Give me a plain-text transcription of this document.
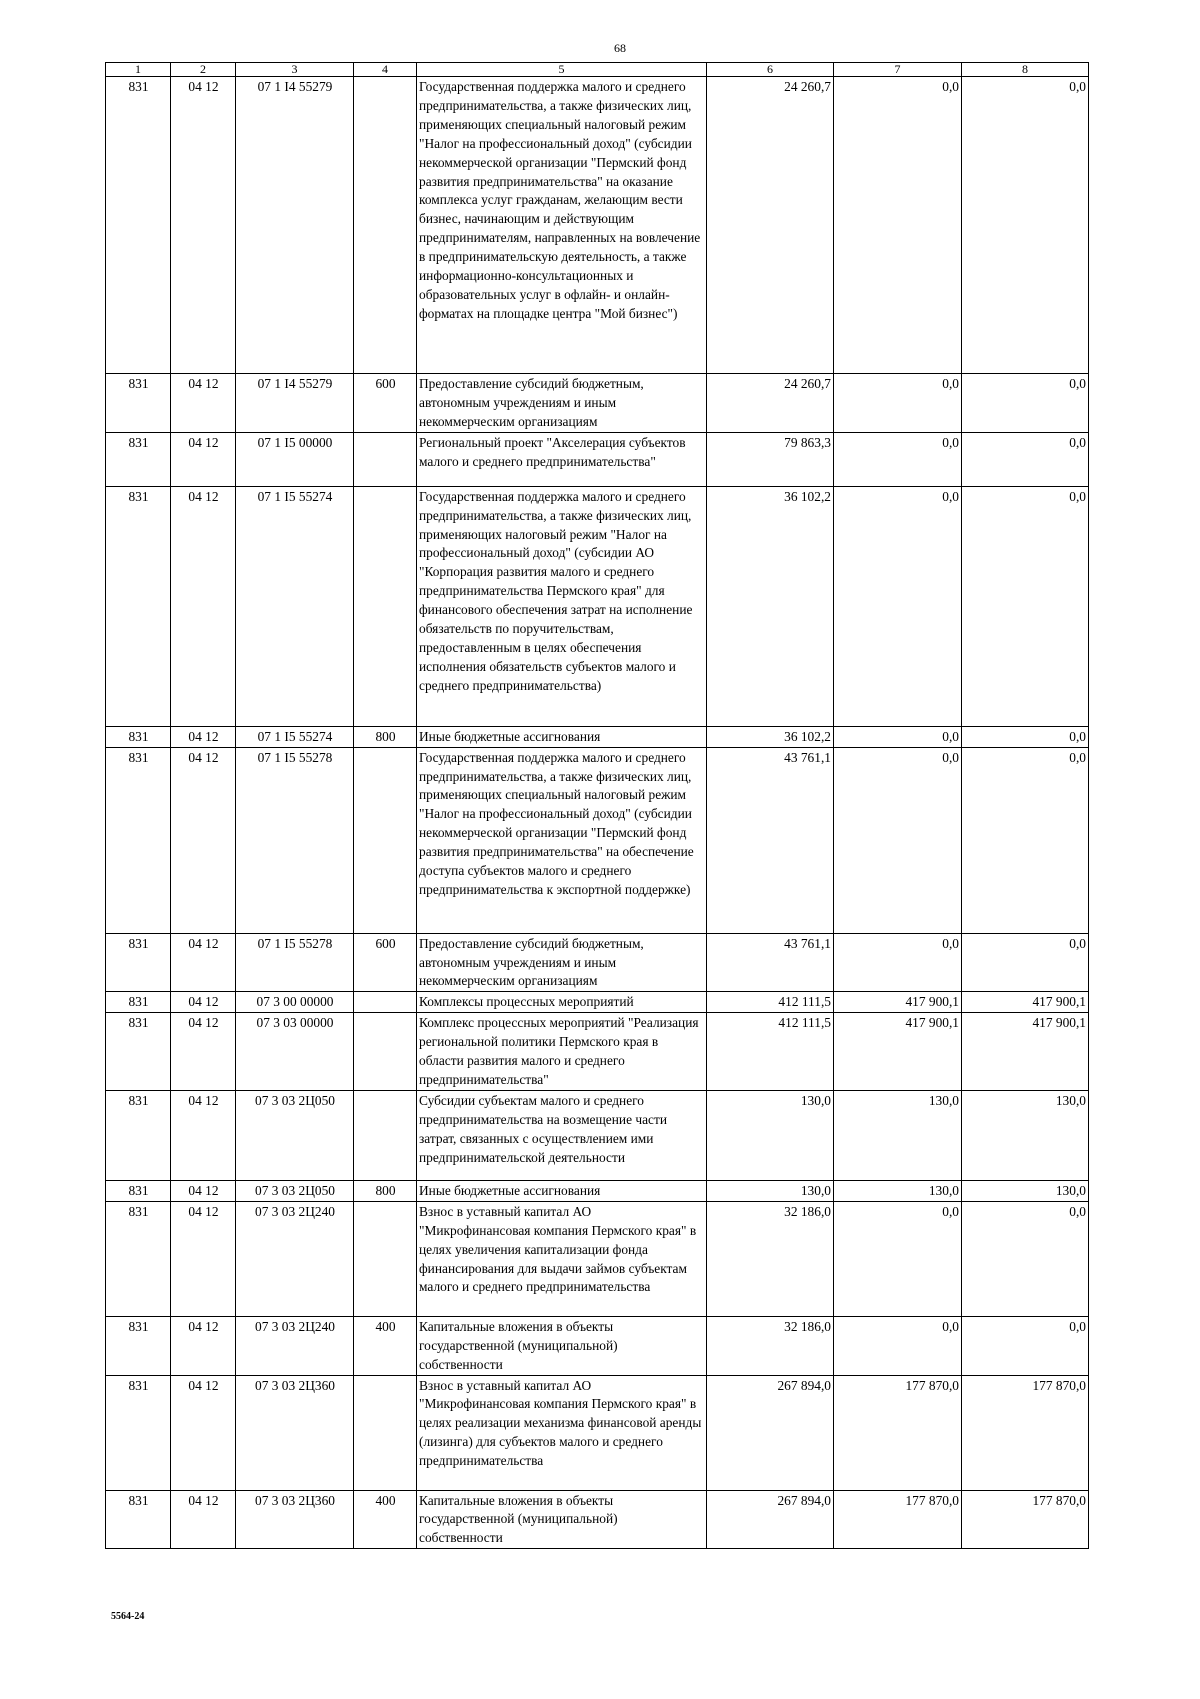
68
1	2	3	4	5	6	7	8
831	04 12	07 1 I4 55279		Государственная поддержка малого и среднего предпринимательства, а также физических лиц, применяющих специальный налоговый режим "Налог на профессиональный доход" (субсидии некоммерческой организации "Пермский фонд развития предпринимательства" на оказание комплекса услуг гражданам, желающим вести бизнес, начинающим и действующим предпринимателям, направленных на вовлечение в предпринимательскую деятельность, а также информационно-консультационных и образовательных услуг в офлайн- и онлайн-форматах на площадке центра "Мой бизнес")	24 260,7	0,0	0,0
831	04 12	07 1 I4 55279	600	Предоставление субсидий бюджетным, автономным учреждениям и иным некоммерческим организациям	24 260,7	0,0	0,0
831	04 12	07 1 I5 00000		Региональный проект "Акселерация субъектов малого и среднего предпринимательства"	79 863,3	0,0	0,0
831	04 12	07 1 I5 55274		Государственная поддержка малого и среднего предпринимательства, а также физических лиц, применяющих налоговый режим "Налог на профессиональный доход" (субсидии АО "Корпорация развития малого и среднего предпринимательства Пермского края" для финансового обеспечения затрат на исполнение обязательств по поручительствам, предоставленным в целях обеспечения исполнения обязательств субъектов малого и среднего предпринимательства)	36 102,2	0,0	0,0
831	04 12	07 1 I5 55274	800	Иные бюджетные ассигнования	36 102,2	0,0	0,0
831	04 12	07 1 I5 55278		Государственная поддержка малого и среднего предпринимательства, а также физических лиц, применяющих специальный налоговый режим "Налог на профессиональный доход" (субсидии некоммерческой организации "Пермский фонд развития предпринимательства" на обеспечение доступа субъектов малого и среднего предпринимательства к экспортной поддержке)	43 761,1	0,0	0,0
831	04 12	07 1 I5 55278	600	Предоставление субсидий бюджетным, автономным учреждениям и иным некоммерческим организациям	43 761,1	0,0	0,0
831	04 12	07 3 00 00000		Комплексы процессных мероприятий	412 111,5	417 900,1	417 900,1
831	04 12	07 3 03 00000		Комплекс процессных мероприятий "Реализация региональной политики Пермского края в области развития малого и среднего предпринимательства"	412 111,5	417 900,1	417 900,1
831	04 12	07 3 03 2Ц050		Субсидии субъектам малого и среднего предпринимательства на возмещение части затрат, связанных с осуществлением ими предпринимательской деятельности	130,0	130,0	130,0
831	04 12	07 3 03 2Ц050	800	Иные бюджетные ассигнования	130,0	130,0	130,0
831	04 12	07 3 03 2Ц240		Взнос в уставный капитал АО "Микрофинансовая компания Пермского края" в целях увеличения капитализации фонда финансирования для выдачи займов субъектам малого и среднего предпринимательства	32 186,0	0,0	0,0
831	04 12	07 3 03 2Ц240	400	Капитальные вложения в объекты государственной (муниципальной) собственности	32 186,0	0,0	0,0
831	04 12	07 3 03 2Ц360		Взнос в уставный капитал АО "Микрофинансовая компания Пермского края" в целях реализации механизма финансовой аренды (лизинга) для субъектов малого и среднего предпринимательства	267 894,0	177 870,0	177 870,0
831	04 12	07 3 03 2Ц360	400	Капитальные вложения в объекты государственной (муниципальной) собственности	267 894,0	177 870,0	177 870,0
5564-24
